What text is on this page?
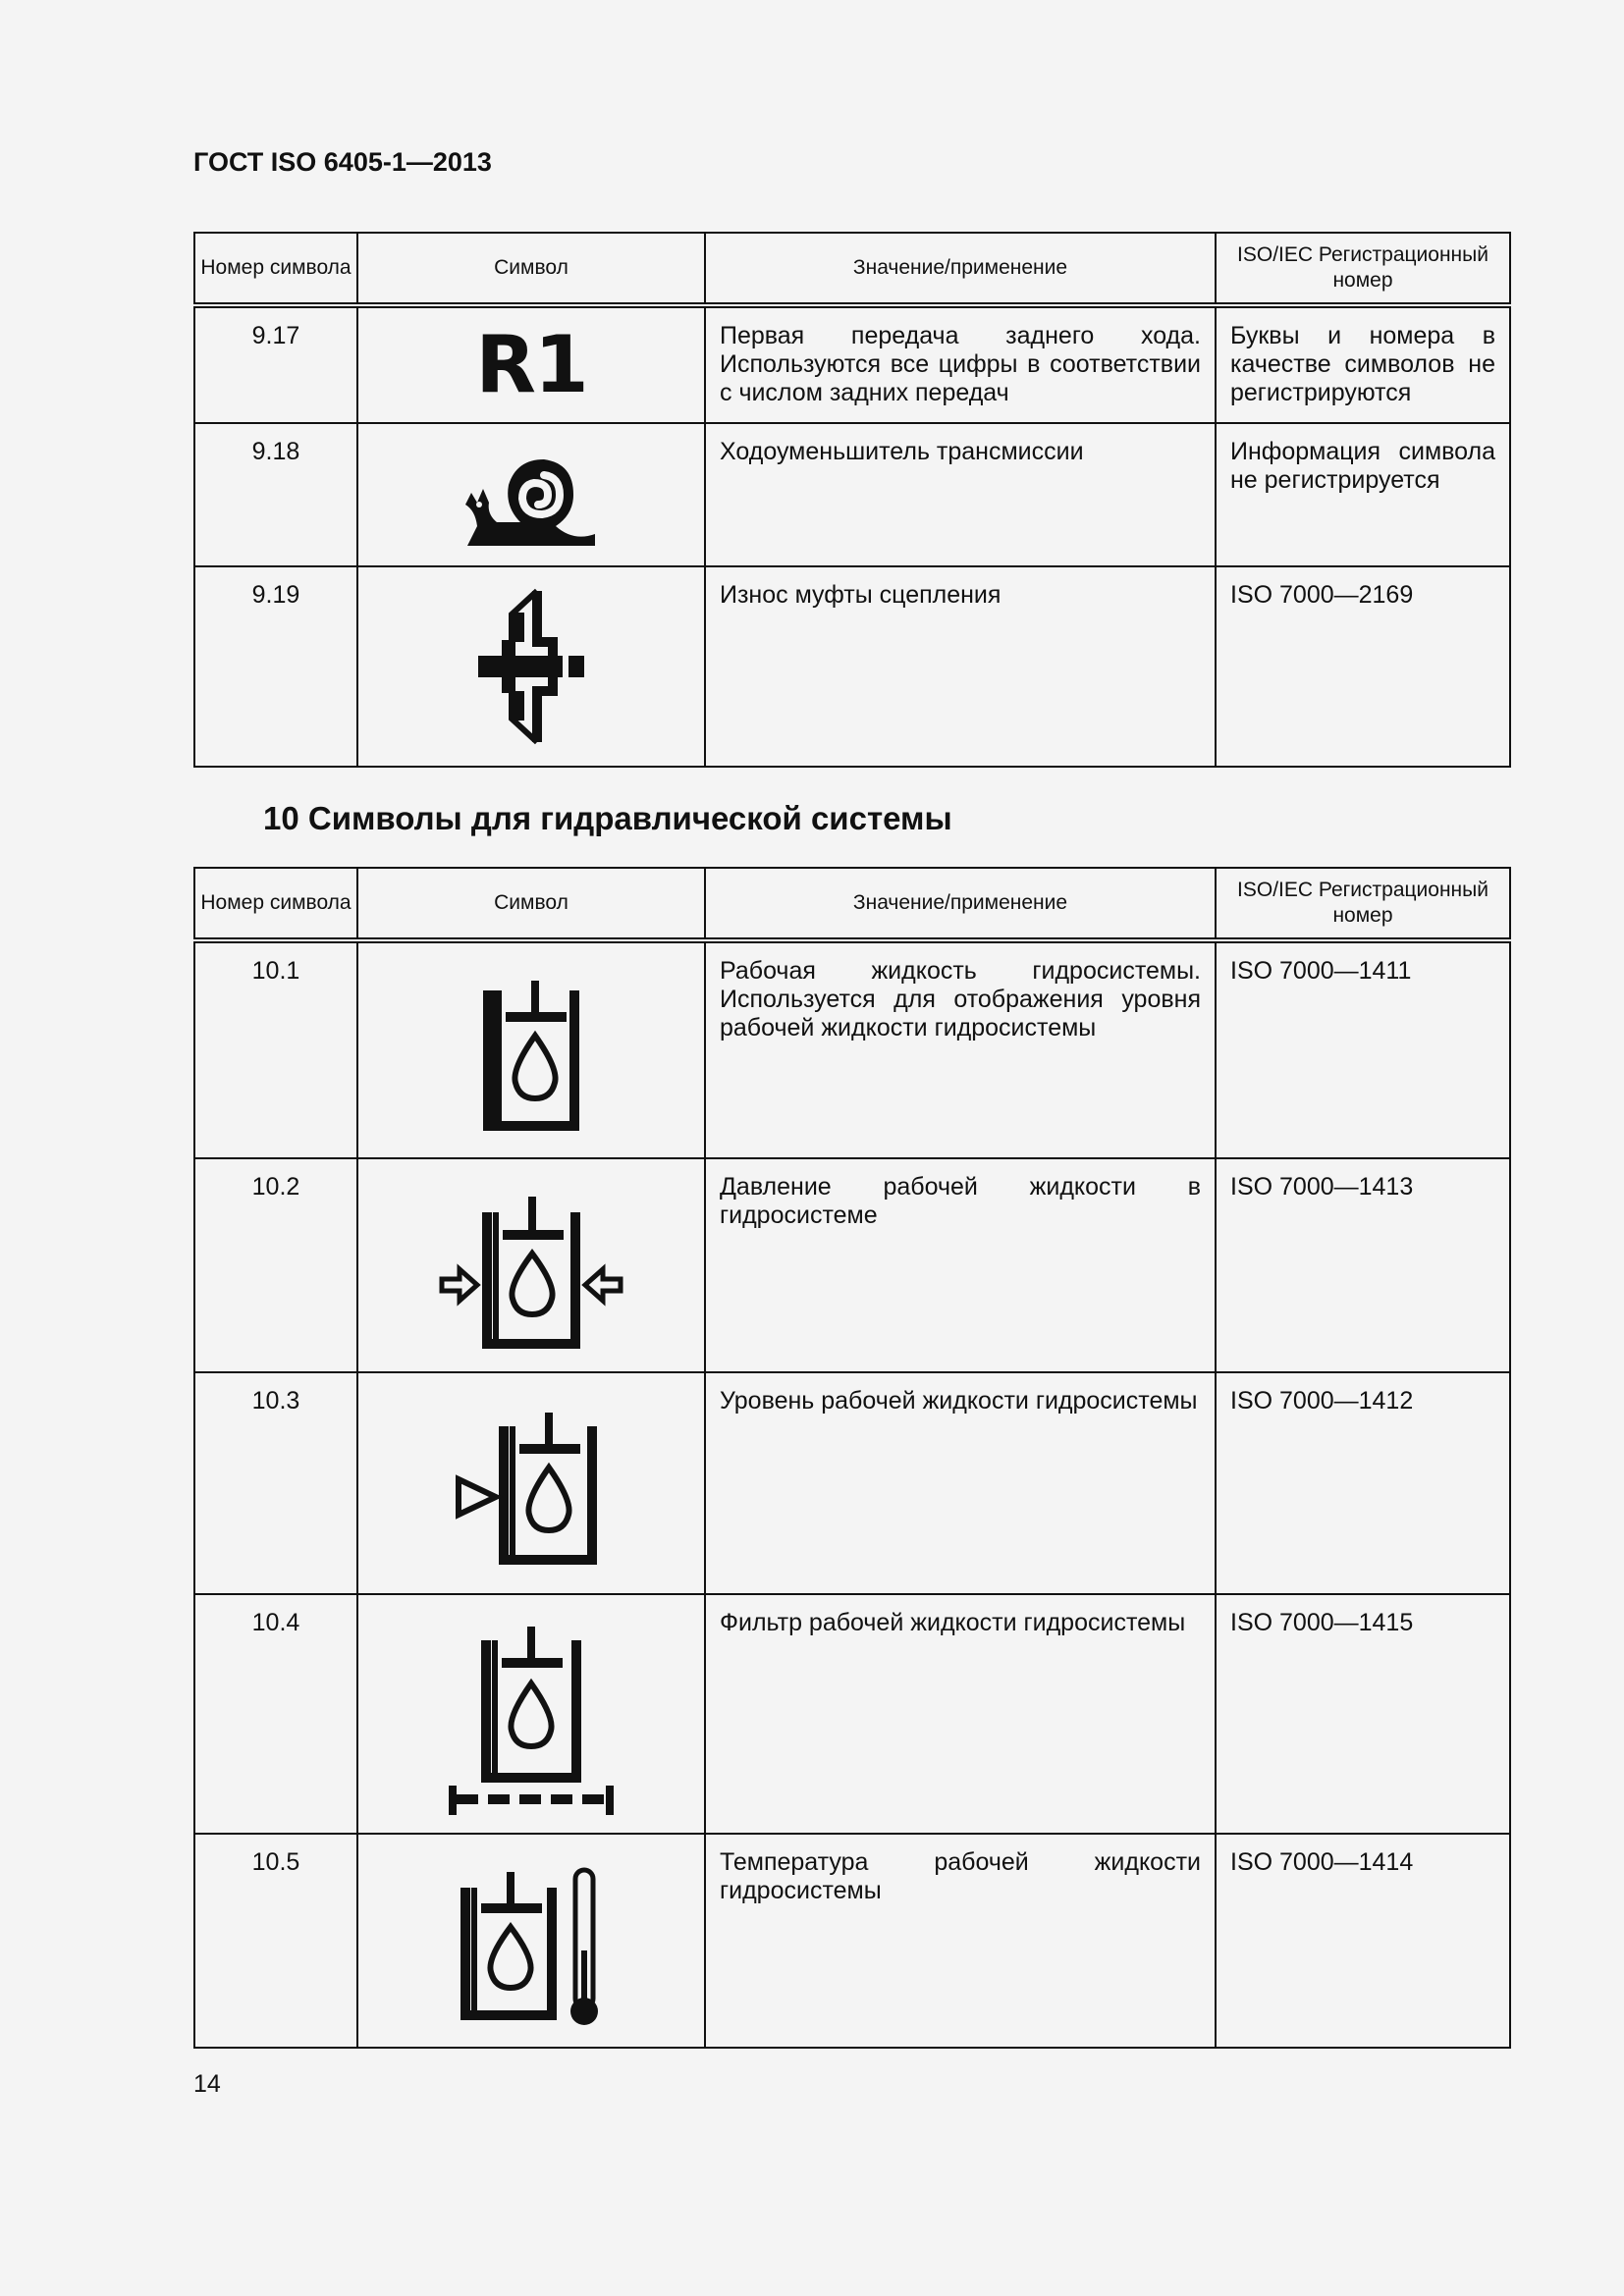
ГОСТ ISO 6405-1—2013
Номер символа	Символ	Значение/применение	ISO/IEC Регистрационный номер
9.17	R1	Первая передача заднего хода. Используются все цифры в соответствии с числом задних передач	Буквы и номера в качестве символов не регистрируются
9.18		Ходоуменьшитель трансмиссии	Информация символа не регистрируется
9.19		Износ муфты сцепления	ISO 7000—2169
10 Символы для гидравлической системы
Номер символа	Символ	Значение/применение	ISO/IEC Регистрационный номер
10.1		Рабочая жидкость гидросистемы. Используется для отображения уровня рабочей жидкости гидросистемы	ISO 7000—1411
10.2		Давление рабочей жидкости в гидросистеме	ISO 7000—1413
10.3		Уровень рабочей жидкости гидросистемы	ISO 7000—1412
10.4		Фильтр рабочей жидкости гидросистемы	ISO 7000—1415
10.5		Температура рабочей жидкости гидросистемы	ISO 7000—1414
14
